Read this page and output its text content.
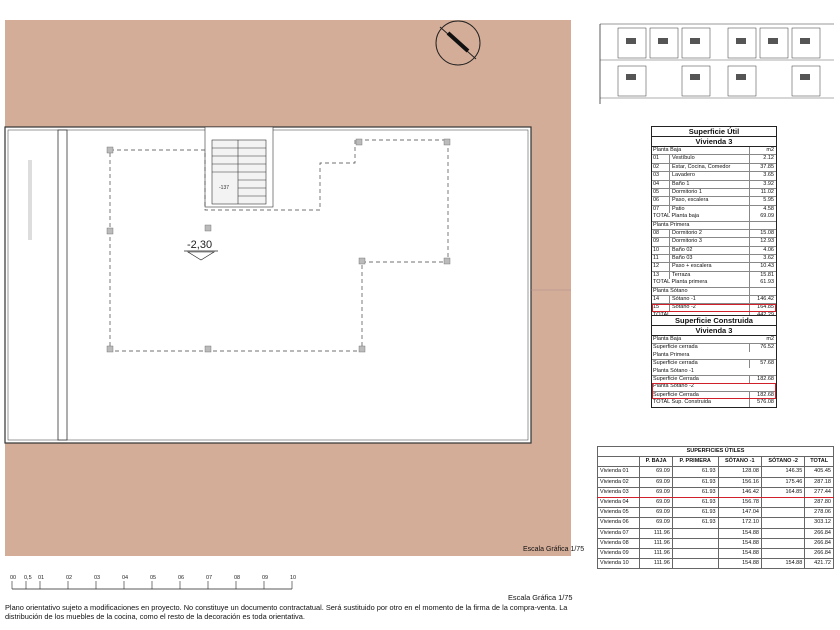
-137
-2,30
Superficie Útil
Vivienda 3
Planta Baja	m2
01	Vestíbulo	2.12
02	Estar, Cocina, Comedor	37.85
03	Lavadero	3.65
04	Baño 1	3.92
05	Dormitorio 1	11.02
06	Paso, escalera	5.95
07	Patio	4.58
TOTAL Planta baja	69.09
Planta Primera
08	Dormitorio 2	15.08
09	Dormitorio 3	12.93
10	Baño 02	4.06
11	Baño 03	3.62
12	Paso + escalera	10.43
13	Terraza	15.81
TOTAL Planta primera	61.93
Planta Sótano
14	Sótano -1	146.42
15	Sótano -2	164.85
Superficie Construida
Vivienda 3
Planta Baja	m2
Superficie cerrada	76.52
Planta Primera
Superficie cerrada	57.68
Planta Sótano -1
Superficie Cerrada	182.68
Planta Sótano -2
Superficie Cerrada	182.68
TOTAL Sup. Construida	576.08
SUPERFICIES ÚTILES					
	P. BAJA	P. PRIMERA	SÓTANO -1	SÓTANO -2	TOTAL
Vivienda 01	69.09	61.93	128.08	146.35	405.45
Vivienda 02	69.09	61.93	156.16	175.46	287.18
Vivienda 03	69.09	61.93	146.42	164.85	277.44
Vivienda 04	69.09	61.93	156.78		287.80
Vivienda 05	69.09	61.93	147.04		278.06
Vivienda 06	69.09	61.93	172.10		303.12
Vivienda 07	111.96		154.88		266.84
Vivienda 08	111.96		154.88		266.84
Vivienda 09	111.96		154.88		266.84
Vivienda 10	111.96		154.88	154.88	421.72
Escala Gráfica 1/75
00 0,5 01	02	03	04	05	06	07	08	09	10
Escala Gráfica 1/75
Plano orientativo sujeto a modificaciones en proyecto. No constituye un documento contractatual. Será sustituido por otro en el momento de la firma de la compra-venta. La
distribución de los muebles de la cocina, como el resto de la decoración es toda orientativa.
